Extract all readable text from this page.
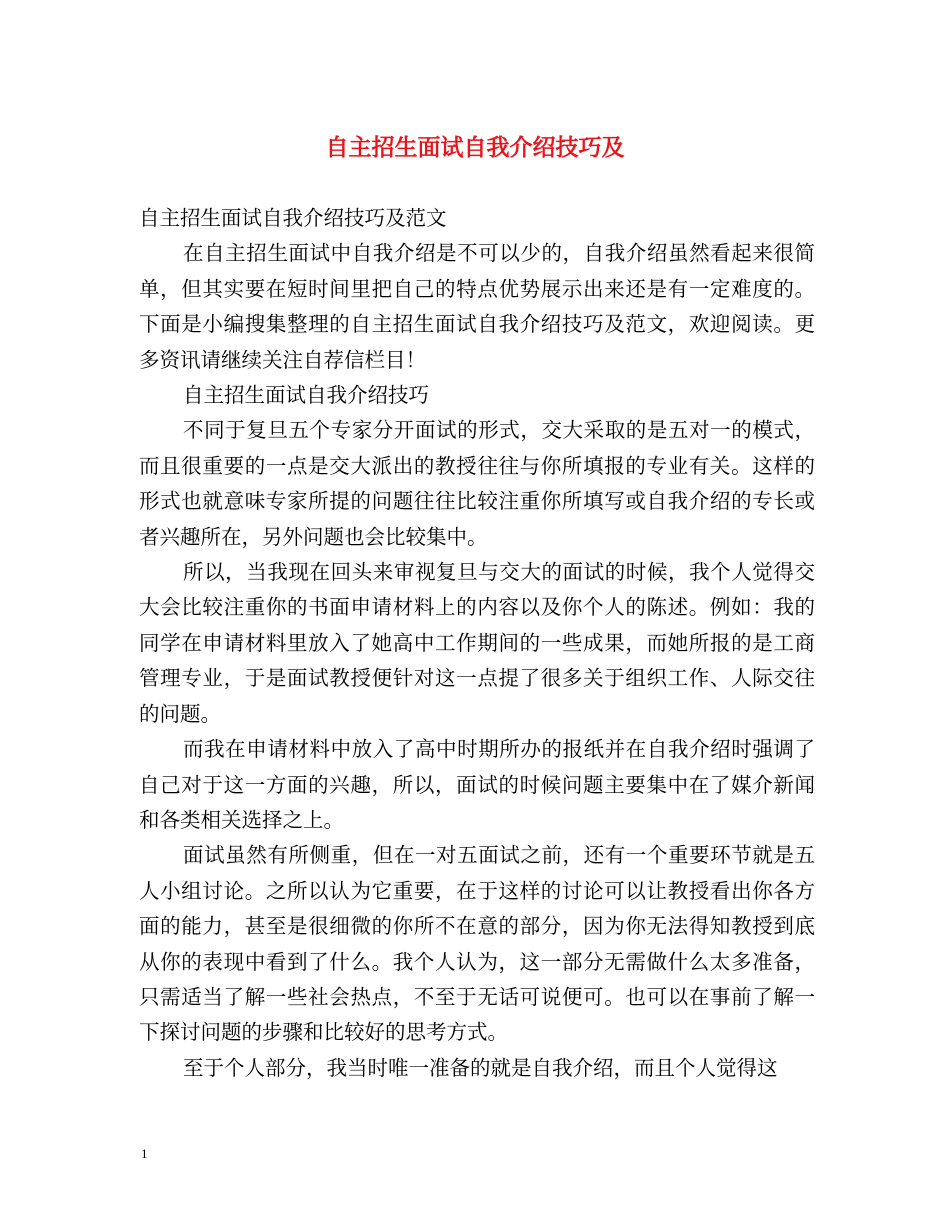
自主招生面试自我介绍技巧及

自主招生面试自我介绍技巧及范文

在自主招生面试中自我介绍是不可以少的，自我介绍虽然看起来很简单，但其实要在短时间里把自己的特点优势展示出来还是有一定难度的。下面是小编搜集整理的自主招生面试自我介绍技巧及范文，欢迎阅读。更多资讯请继续关注自荐信栏目！

自主招生面试自我介绍技巧

不同于复旦五个专家分开面试的形式，交大采取的是五对一的模式，而且很重要的一点是交大派出的教授往往与你所填报的专业有关。这样的形式也就意味专家所提的问题往往比较注重你所填写或自我介绍的专长或者兴趣所在，另外问题也会比较集中。

所以，当我现在回头来审视复旦与交大的面试的时候，我个人觉得交大会比较注重你的书面申请材料上的内容以及你个人的陈述。例如：我的同学在申请材料里放入了她高中工作期间的一些成果，而她所报的是工商管理专业，于是面试教授便针对这一点提了很多关于组织工作、人际交往的问题。

而我在申请材料中放入了高中时期所办的报纸并在自我介绍时强调了自己对于这一方面的兴趣，所以，面试的时候问题主要集中在了媒介新闻和各类相关选择之上。

面试虽然有所侧重，但在一对五面试之前，还有一个重要环节就是五人小组讨论。之所以认为它重要，在于这样的讨论可以让教授看出你各方面的能力，甚至是很细微的你所不在意的部分，因为你无法得知教授到底从你的表现中看到了什么。我个人认为，这一部分无需做什么太多准备，只需适当了解一些社会热点，不至于无话可说便可。也可以在事前了解一下探讨问题的步骤和比较好的思考方式。

至于个人部分，我当时唯一准备的就是自我介绍，而且个人觉得这

1
